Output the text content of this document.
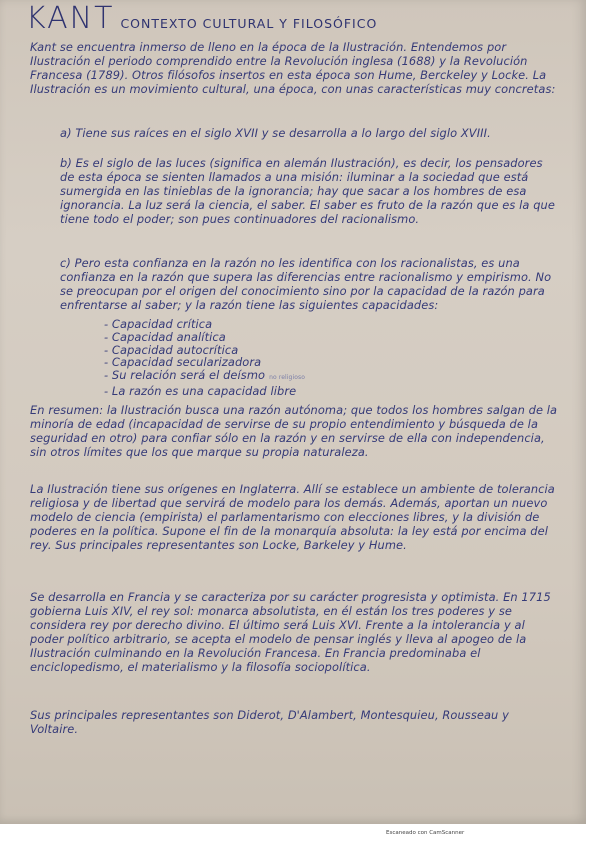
KANT CONTEXTO CULTURAL Y FILOSÓFICO
Kant se encuentra inmerso de lleno en la época de la Ilustración. Entendemos por Ilustración el periodo comprendido entre la Revolución inglesa (1688) y la Revolución Francesa (1789). Otros filósofos insertos en esta época son Hume, Berckeley y Locke. La Ilustración es un movimiento cultural, una época, con unas características muy concretas:
a) Tiene sus raíces en el siglo XVII y se desarrolla a lo largo del siglo XVIII.
b) Es el siglo de las luces (significa en alemán Ilustración), es decir, los pensadores de esta época se sienten llamados a una misión: iluminar a la sociedad que está sumergida en las tinieblas de la ignorancia; hay que sacar a los hombres de esa ignorancia. La luz será la ciencia, el saber. El saber es fruto de la razón que es la que tiene todo el poder; son pues continuadores del racionalismo.
c) Pero esta confianza en la razón no les identifica con los racionalistas, es una confianza en la razón que supera las diferencias entre racionalismo y empirismo. No se preocupan por el origen del conocimiento sino por la capacidad de la razón para enfrentarse al saber; y la razón tiene las siguientes capacidades:
- Capacidad crítica
- Capacidad analítica
- Capacidad autocrítica
- Capacidad secularizadora
- Su relación será el deísmo no religioso
- La razón es una capacidad libre
En resumen: la Ilustración busca una razón autónoma; que todos los hombres salgan de la minoría de edad (incapacidad de servirse de su propio entendimiento y búsqueda de la seguridad en otro) para confiar sólo en la razón y en servirse de ella con independencia, sin otros límites que los que marque su propia naturaleza.
La Ilustración tiene sus orígenes en Inglaterra. Allí se establece un ambiente de tolerancia religiosa y de libertad que servirá de modelo para los demás. Además, aportan un nuevo modelo de ciencia (empirista) el parlamentarismo con elecciones libres, y la división de poderes en la política. Supone el fin de la monarquía absoluta: la ley está por encima del rey. Sus principales representantes son Locke, Barkeley y Hume.
Se desarrolla en Francia y se caracteriza por su carácter progresista y optimista. En 1715 gobierna Luis XIV, el rey sol: monarca absolutista, en él están los tres poderes y se considera rey por derecho divino. El último será Luis XVI. Frente a la intolerancia y al poder político arbitrario, se acepta el modelo de pensar inglés y lleva al apogeo de la Ilustración culminando en la Revolución Francesa. En Francia predominaba el enciclopedismo, el materialismo y la filosofía sociopolítica.
Sus principales representantes son Diderot, D'Alambert, Montesquieu, Rousseau y Voltaire.
Escaneado con CamScanner
